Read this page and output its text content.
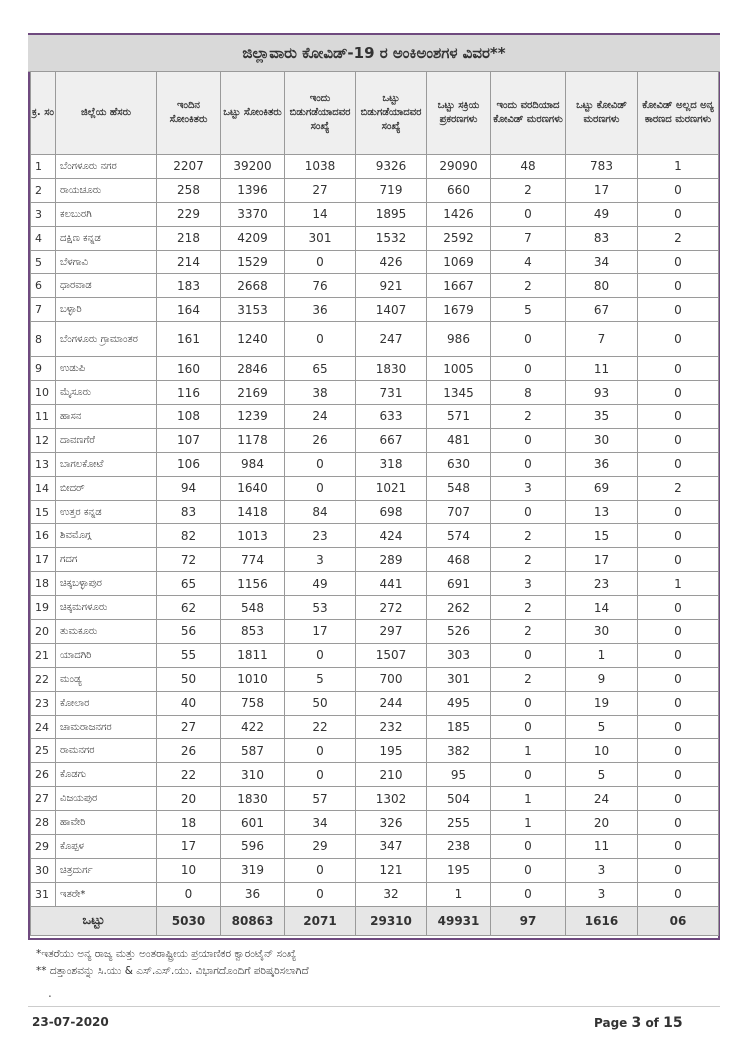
ಜಿಲ್ಲಾವಾರು ಕೋವಿಡ್-19 ರ ಅಂಕಿಅಂಶಗಳ ವಿವರ**
ಕ್ರ. ಸಂ	ಜಿಲ್ಲೆಯ ಹೆಸರು	ಇಂದಿನ ಸೋಂಕಿತರು	ಒಟ್ಟು ಸೋಂಕಿತರು	ಇಂದು ಬಿಡುಗಡೆಯಾದವರ ಸಂಖ್ಯೆ	ಒಟ್ಟು ಬಿಡುಗಡೆಯಾದವರ ಸಂಖ್ಯೆ	ಒಟ್ಟು ಸಕ್ರಿಯ ಪ್ರಕರಣಗಳು	ಇಂದು ವರದಿಯಾದ ಕೋವಿಡ್ ಮರಣಗಳು	ಒಟ್ಟು ಕೋವಿಡ್ ಮರಣಗಳು	ಕೋವಿಡ್ ಅಲ್ಲದ ಅನ್ಯ ಕಾರಣದ ಮರಣಗಳು
1	ಬೆಂಗಳೂರು ನಗರ	2207	39200	1038	9326	29090	48	783	1
2	ರಾಯಚೂರು	258	1396	27	719	660	2	17	0
3	ಕಲಬುರಗಿ	229	3370	14	1895	1426	0	49	0
4	ದಕ್ಷಿಣ ಕನ್ನಡ	218	4209	301	1532	2592	7	83	2
5	ಬೆಳಗಾವಿ	214	1529	0	426	1069	4	34	0
6	ಧಾರವಾಡ	183	2668	76	921	1667	2	80	0
7	ಬಳ್ಳಾರಿ	164	3153	36	1407	1679	5	67	0
8	ಬೆಂಗಳೂರು ಗ್ರಾಮಾಂತರ	161	1240	0	247	986	0	7	0
9	ಉಡುಪಿ	160	2846	65	1830	1005	0	11	0
10	ಮೈಸೂರು	116	2169	38	731	1345	8	93	0
11	ಹಾಸನ	108	1239	24	633	571	2	35	0
12	ದಾವಣಗೆರೆ	107	1178	26	667	481	0	30	0
13	ಬಾಗಲಕೋಟೆ	106	984	0	318	630	0	36	0
14	ಬೀದರ್	94	1640	0	1021	548	3	69	2
15	ಉತ್ತರ ಕನ್ನಡ	83	1418	84	698	707	0	13	0
16	ಶಿವಮೊಗ್ಗ	82	1013	23	424	574	2	15	0
17	ಗದಗ	72	774	3	289	468	2	17	0
18	ಚಿಕ್ಕಬಳ್ಳಾಪುರ	65	1156	49	441	691	3	23	1
19	ಚಿಕ್ಕಮಗಳೂರು	62	548	53	272	262	2	14	0
20	ತುಮಕೂರು	56	853	17	297	526	2	30	0
21	ಯಾದಗಿರಿ	55	1811	0	1507	303	0	1	0
22	ಮಂಡ್ಯ	50	1010	5	700	301	2	9	0
23	ಕೋಲಾರ	40	758	50	244	495	0	19	0
24	ಚಾಮರಾಜನಗರ	27	422	22	232	185	0	5	0
25	ರಾಮನಗರ	26	587	0	195	382	1	10	0
26	ಕೊಡಗು	22	310	0	210	95	0	5	0
27	ವಿಜಯಪುರ	20	1830	57	1302	504	1	24	0
28	ಹಾವೇರಿ	18	601	34	326	255	1	20	0
29	ಕೊಪ್ಪಳ	17	596	29	347	238	0	11	0
30	ಚಿತ್ರದುರ್ಗ	10	319	0	121	195	0	3	0
31	ಇತರೇ*	0	36	0	32	1	0	3	0
ಒಟ್ಟು		5030	80863	2071	29310	49931	97	1616	06
*ಇತರೆಯು ಅನ್ಯ ರಾಜ್ಯ ಮತ್ತು ಅಂತರಾಷ್ಟ್ರೀಯ ಪ್ರಯಾಣಿಕರ ಕ್ವಾರಂಟೈನ್ ಸಂಖ್ಯೆ
** ದತ್ತಾಂಶವನ್ನು ಸಿ.ಯು & ಎಸ್.ಎಸ್.ಯು. ವಿಭಾಗದೊಂದಿಗೆ ಪರಿಷ್ಕರಿಸಲಾಗಿದೆ
.
23-07-2020	Page 3 of 15
